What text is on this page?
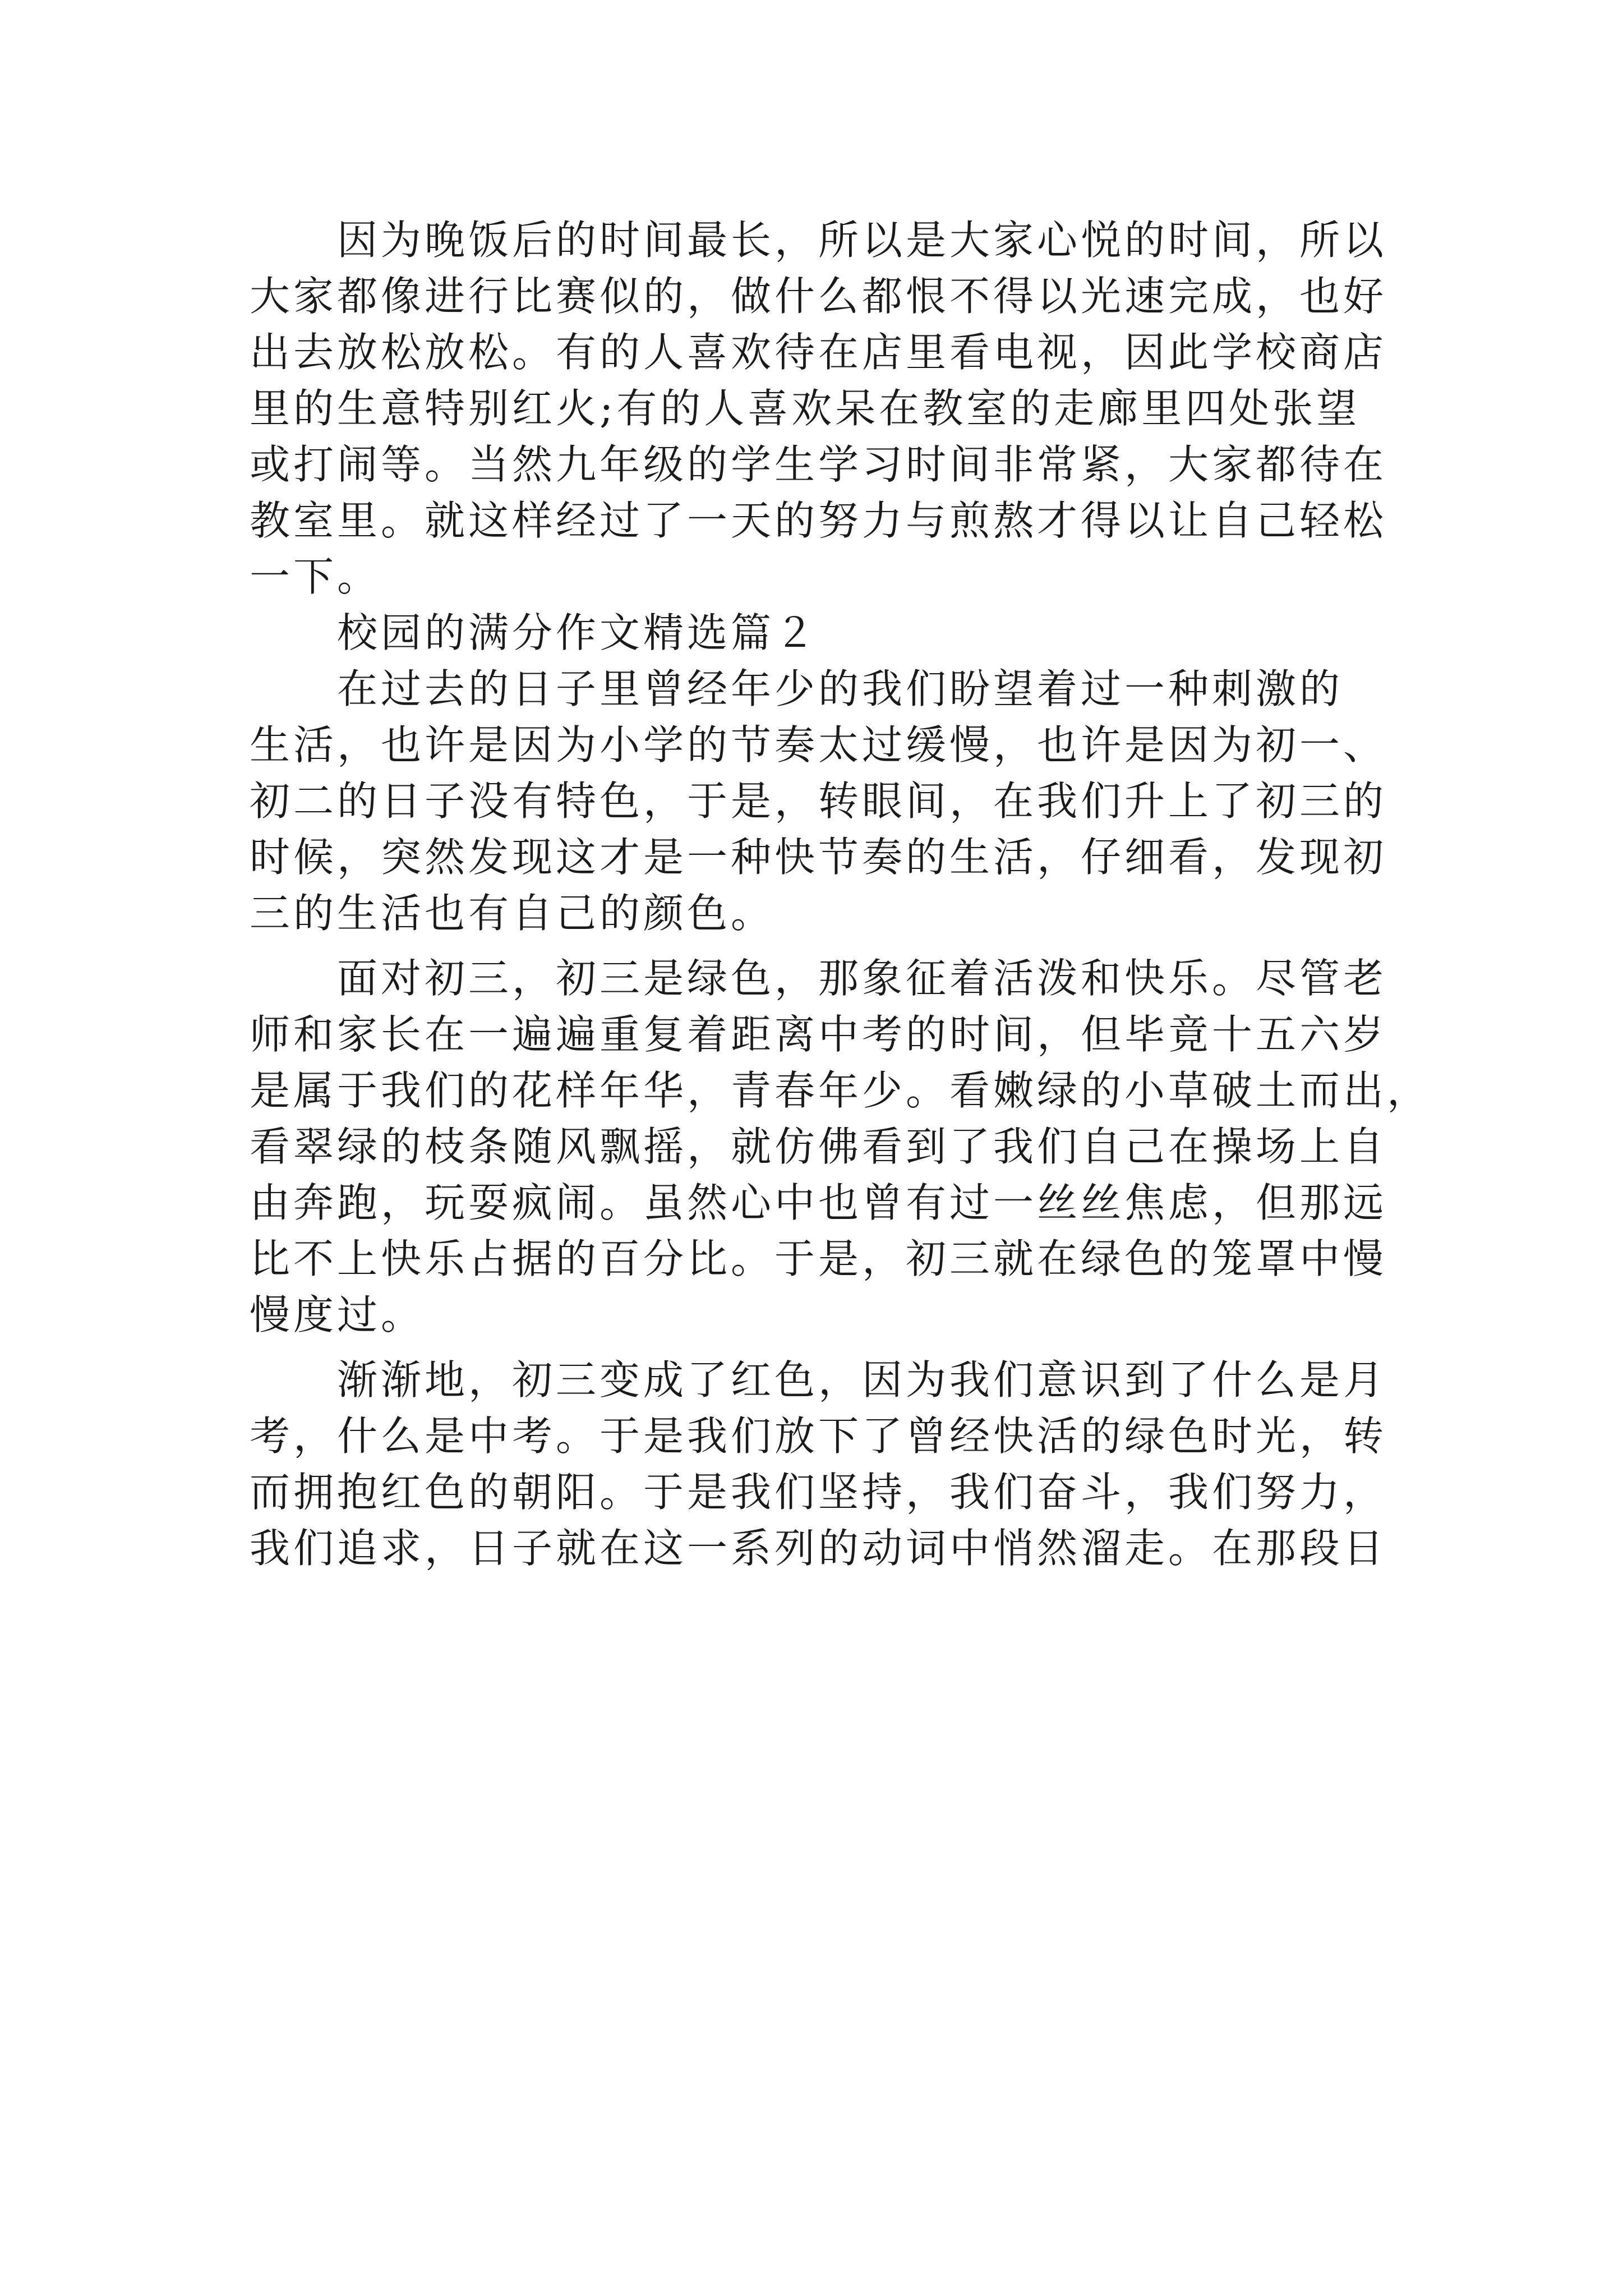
　　因为晚饭后的时间最长，所以是大家心悦的时间，所以
大家都像进行比赛似的，做什么都恨不得以光速完成，也好
出去放松放松。有的人喜欢待在店里看电视，因此学校商店
里的生意特别红火;有的人喜欢呆在教室的走廊里四处张望
或打闹等。当然九年级的学生学习时间非常紧，大家都待在
教室里。就这样经过了一天的努力与煎熬才得以让自己轻松
一下。
　　校园的满分作文精选篇２
　　在过去的日子里曾经年少的我们盼望着过一种刺激的
生活，也许是因为小学的节奏太过缓慢，也许是因为初一、
初二的日子没有特色，于是，转眼间，在我们升上了初三的
时候，突然发现这才是一种快节奏的生活，仔细看，发现初
三的生活也有自己的颜色。
　　面对初三，初三是绿色，那象征着活泼和快乐。尽管老
师和家长在一遍遍重复着距离中考的时间，但毕竟十五六岁
是属于我们的花样年华，青春年少。看嫩绿的小草破土而出，
看翠绿的枝条随风飘摇，就仿佛看到了我们自己在操场上自
由奔跑，玩耍疯闹。虽然心中也曾有过一丝丝焦虑，但那远
比不上快乐占据的百分比。于是，初三就在绿色的笼罩中慢
慢度过。
　　渐渐地，初三变成了红色，因为我们意识到了什么是月
考，什么是中考。于是我们放下了曾经快活的绿色时光，转
而拥抱红色的朝阳。于是我们坚持，我们奋斗，我们努力，
我们追求，日子就在这一系列的动词中悄然溜走。在那段日
